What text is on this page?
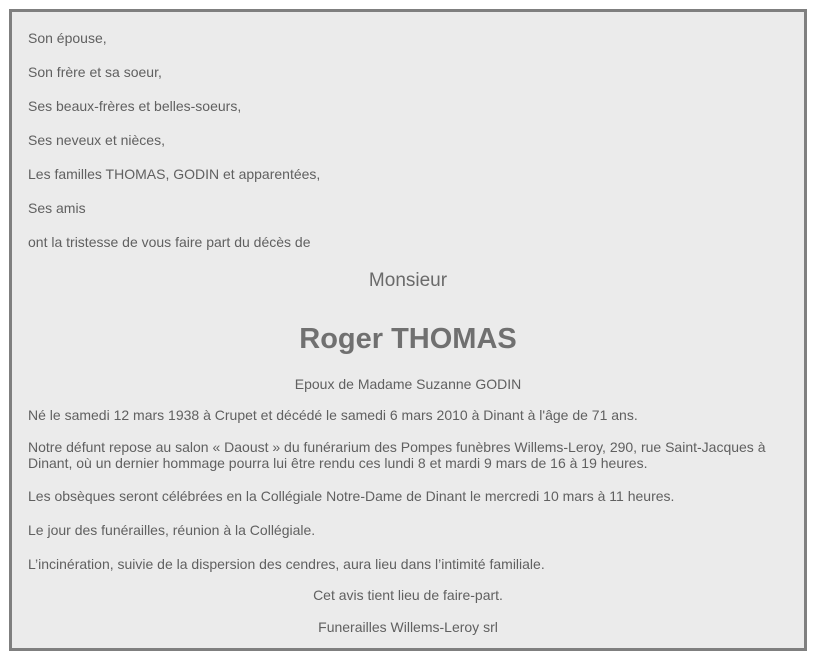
Son épouse,
Son frère et sa soeur,
Ses beaux-frères et belles-soeurs,
Ses neveux et nièces,
Les familles THOMAS, GODIN et apparentées,
Ses amis
ont la tristesse de vous faire part du décès de
Monsieur
Roger THOMAS
Epoux de Madame Suzanne GODIN
Né le samedi 12 mars 1938 à Crupet et décédé le samedi 6 mars 2010 à Dinant à l'âge de 71 ans.
Notre défunt repose au salon « Daoust » du funérarium des Pompes funèbres Willems-Leroy, 290, rue Saint-Jacques à Dinant, où un dernier hommage pourra lui être rendu ces lundi 8 et mardi 9 mars de 16 à 19 heures.
Les obsèques seront célébrées en la Collégiale Notre-Dame de Dinant le mercredi 10 mars à 11 heures.
Le jour des funérailles, réunion à la Collégiale.
L’incinération, suivie de la dispersion des cendres, aura lieu dans l’intimité familiale.
Cet avis tient lieu de faire-part.
Funerailles Willems-Leroy srl
